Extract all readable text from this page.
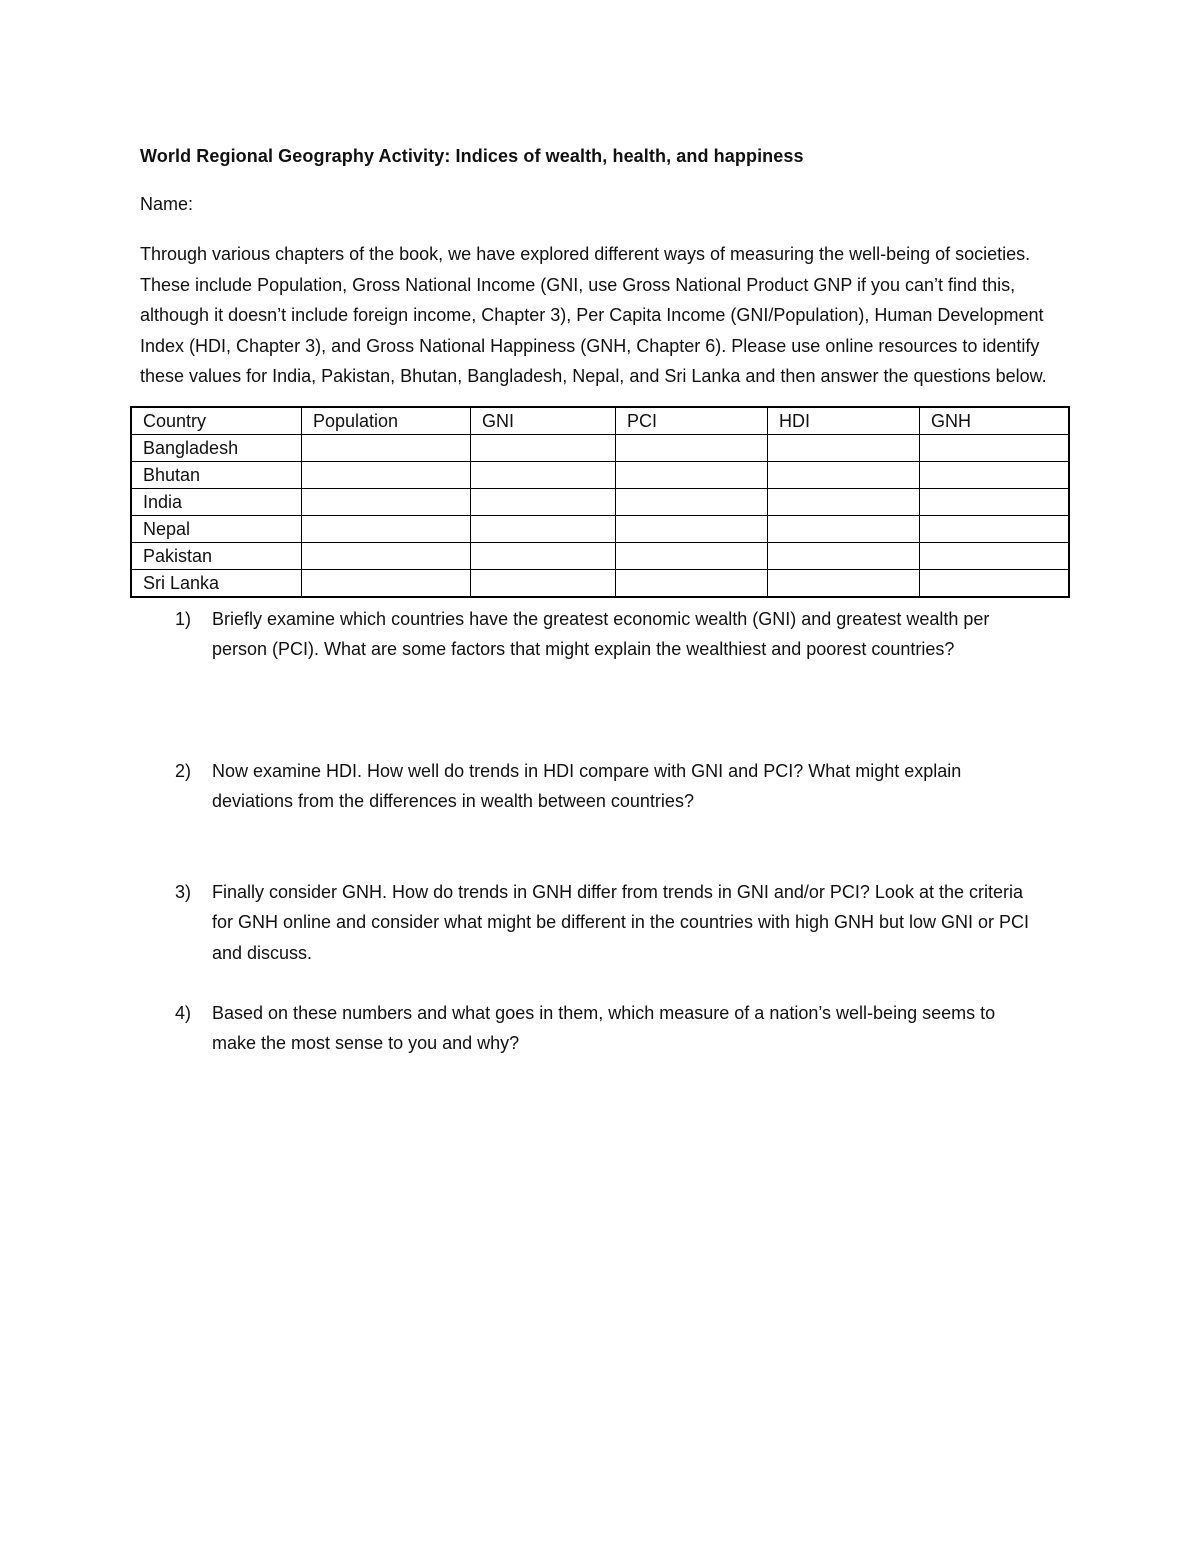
World Regional Geography Activity: Indices of wealth, health, and happiness

Name:

Through various chapters of the book, we have explored different ways of measuring the well-being of societies. These include Population, Gross National Income (GNI, use Gross National Product GNP if you can’t find this, although it doesn’t include foreign income, Chapter 3), Per Capita Income (GNI/Population), Human Development Index (HDI, Chapter 3), and Gross National Happiness (GNH, Chapter 6). Please use online resources to identify these values for India, Pakistan, Bhutan, Bangladesh, Nepal, and Sri Lanka and then answer the questions below.

Country	Population	GNI	PCI	HDI	GNH
Bangladesh					
Bhutan					
India					
Nepal					
Pakistan					
Sri Lanka					
1) Briefly examine which countries have the greatest economic wealth (GNI) and greatest wealth per person (PCI). What are some factors that might explain the wealthiest and poorest countries?
2) Now examine HDI. How well do trends in HDI compare with GNI and PCI? What might explain deviations from the differences in wealth between countries?
3) Finally consider GNH. How do trends in GNH differ from trends in GNI and/or PCI? Look at the criteria for GNH online and consider what might be different in the countries with high GNH but low GNI or PCI and discuss.
4) Based on these numbers and what goes in them, which measure of a nation’s well-being seems to make the most sense to you and why?
